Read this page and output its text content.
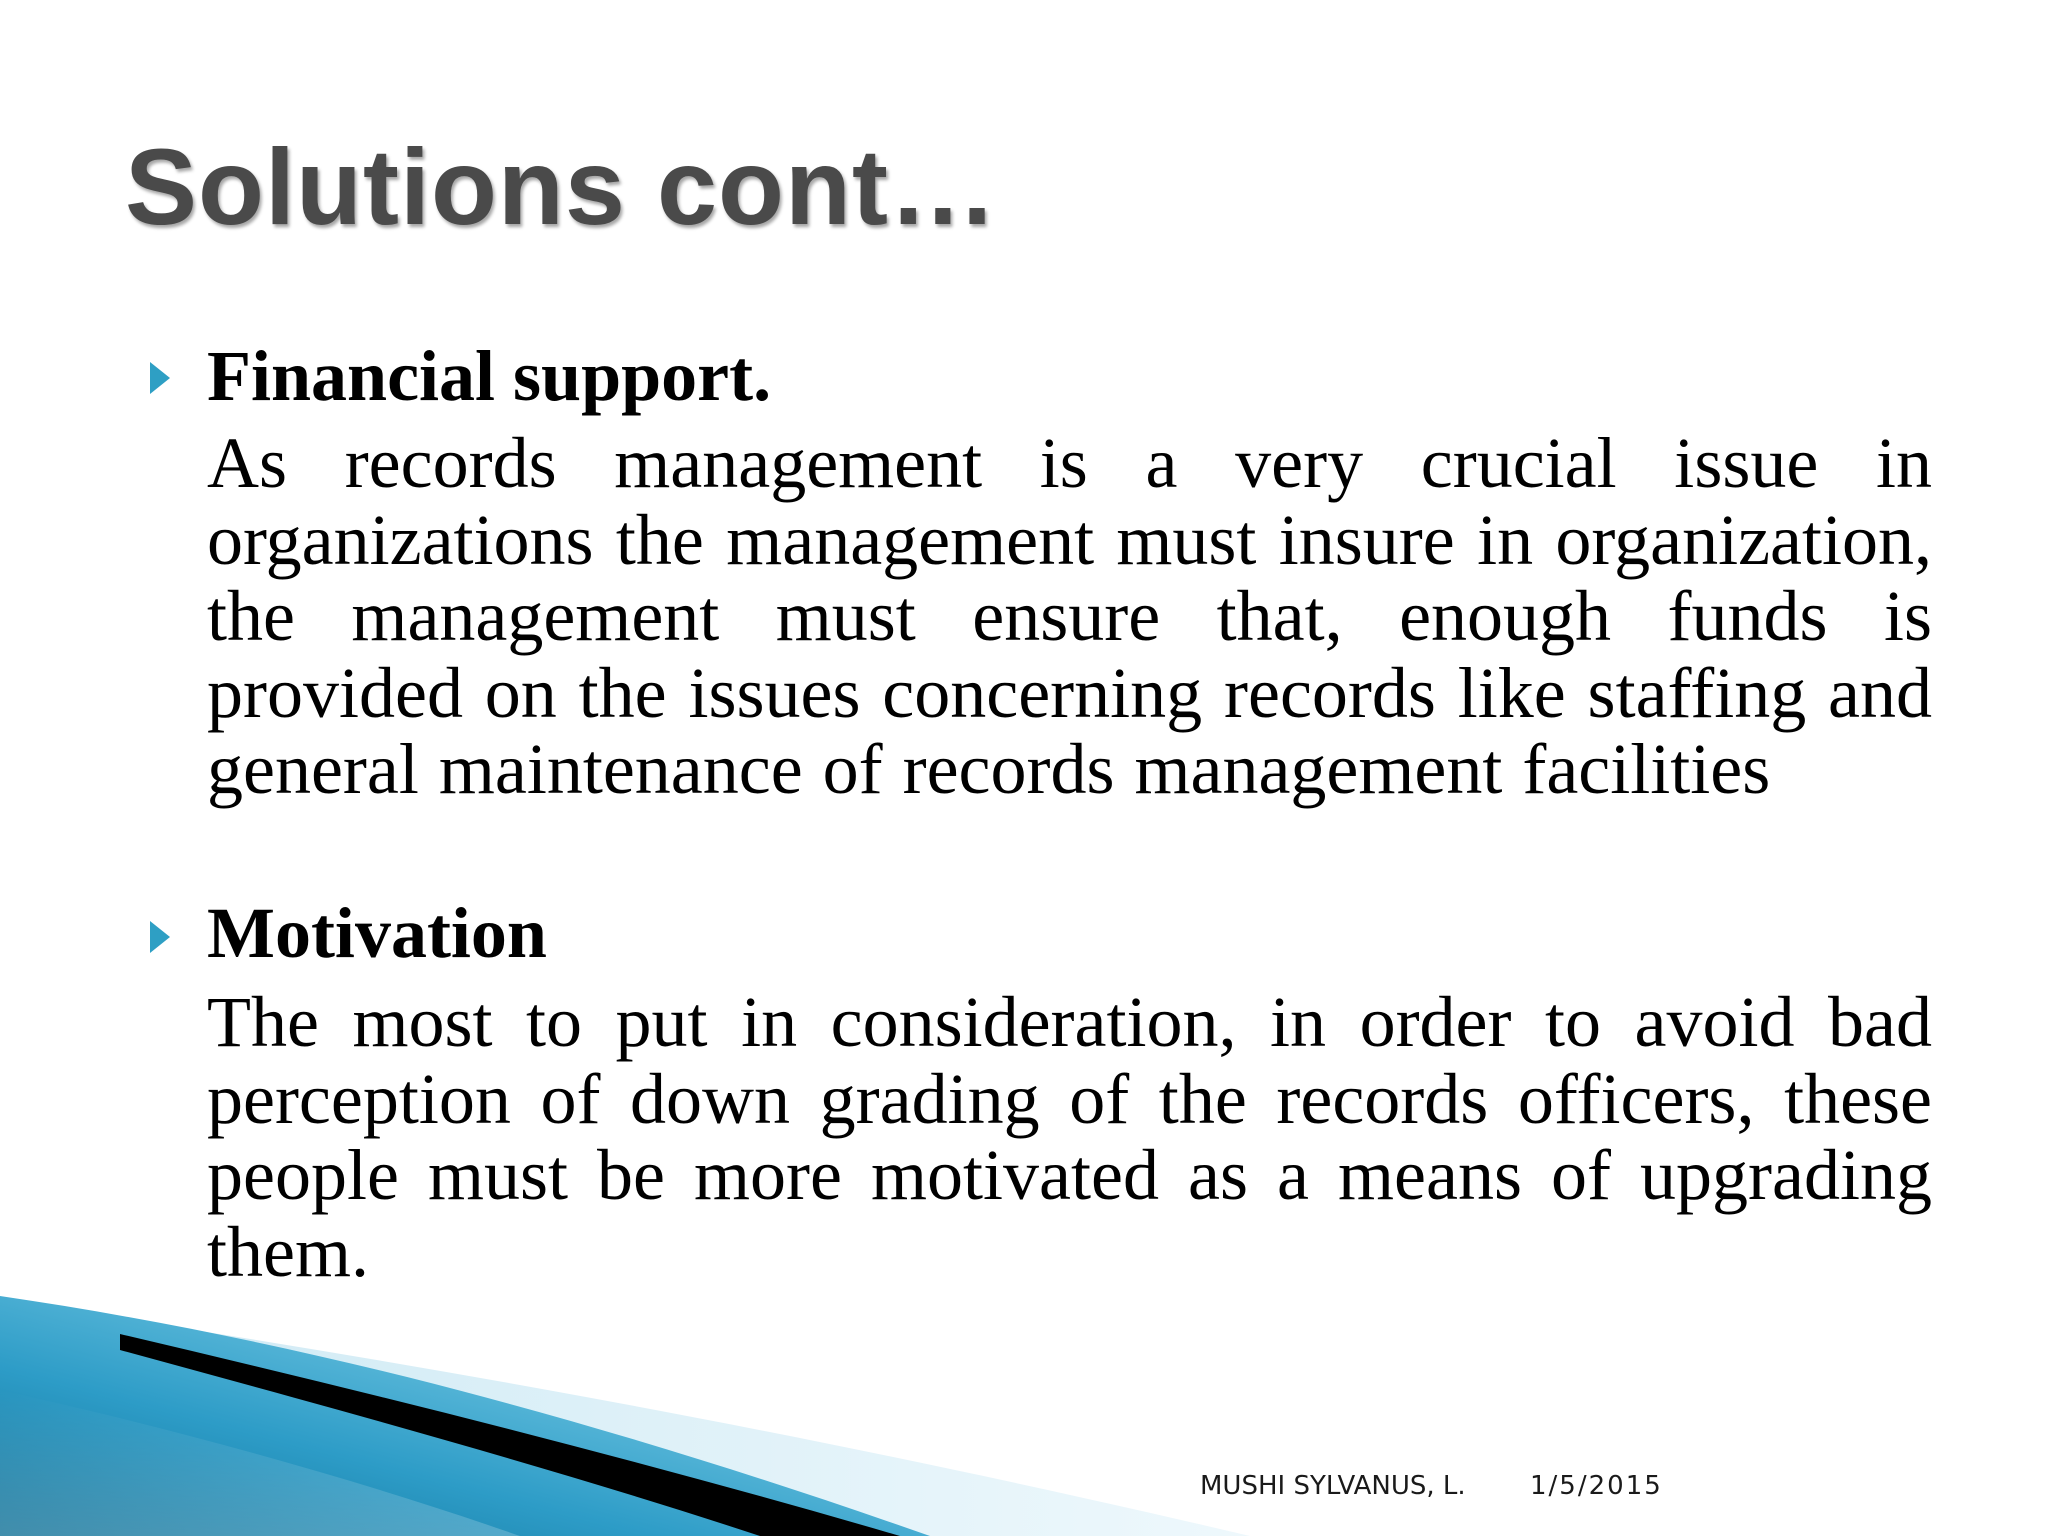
Solutions cont…
Financial support.

As records management is a very crucial issue in organizations the management must insure in organization, the management must ensure that, enough funds is provided on the issues concerning records like staffing and general maintenance of records management facilities

Motivation

The most to put in consideration, in order to avoid bad perception of down grading of the records officers, these people must be more motivated as a means of upgrading them.

MUSHI SYLVANUS, L. 1/5/2015
